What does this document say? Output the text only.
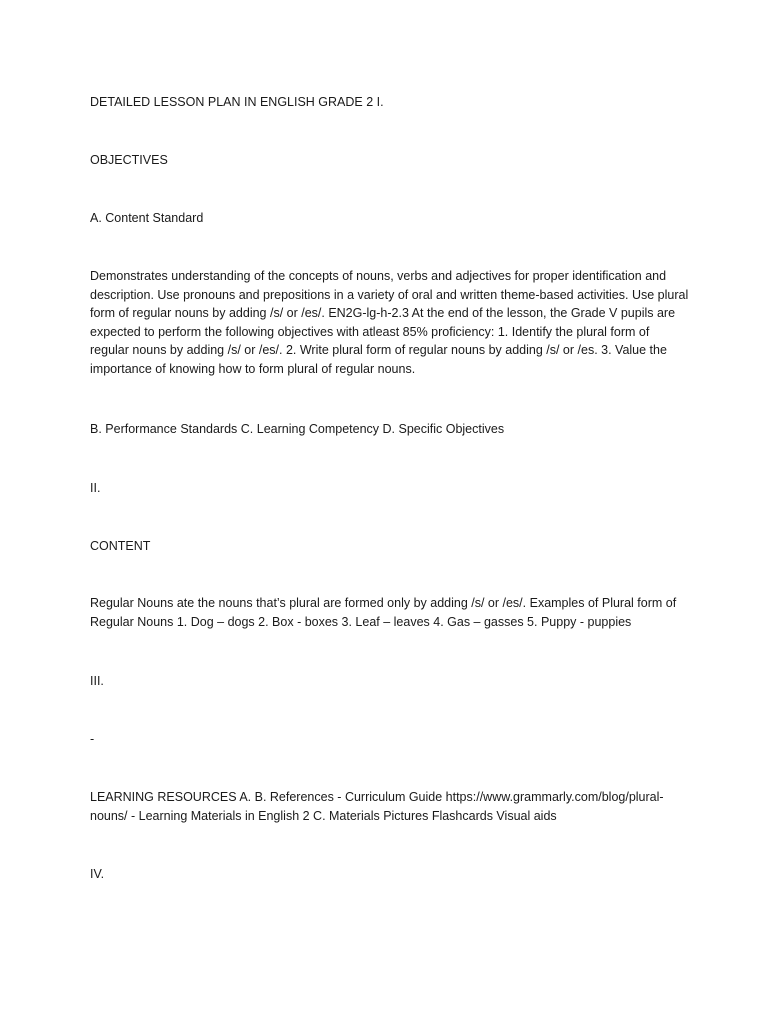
DETAILED LESSON PLAN IN ENGLISH GRADE 2 I.

OBJECTIVES

A. Content Standard

Demonstrates understanding of the concepts of nouns, verbs and adjectives for proper identification and description. Use pronouns and prepositions in a variety of oral and written theme-based activities. Use plural form of regular nouns by adding /s/ or /es/. EN2G-lg-h-2.3 At the end of the lesson, the Grade V pupils are expected to perform the following objectives with atleast 85% proficiency: 1. Identify the plural form of regular nouns by adding /s/ or /es/. 2. Write plural form of regular nouns by adding /s/ or /es. 3. Value the importance of knowing how to form plural of regular nouns.

B. Performance Standards C. Learning Competency D. Specific Objectives

II.

CONTENT

Regular Nouns ate the nouns that’s plural are formed only by adding /s/ or /es/. Examples of Plural form of Regular Nouns 1. Dog – dogs 2. Box - boxes 3. Leaf – leaves 4. Gas – gasses 5. Puppy - puppies

III.

-

LEARNING RESOURCES A. B. References - Curriculum Guide https://www.grammarly.com/blog/plural-nouns/ - Learning Materials in English 2 C. Materials Pictures Flashcards Visual aids

IV.
